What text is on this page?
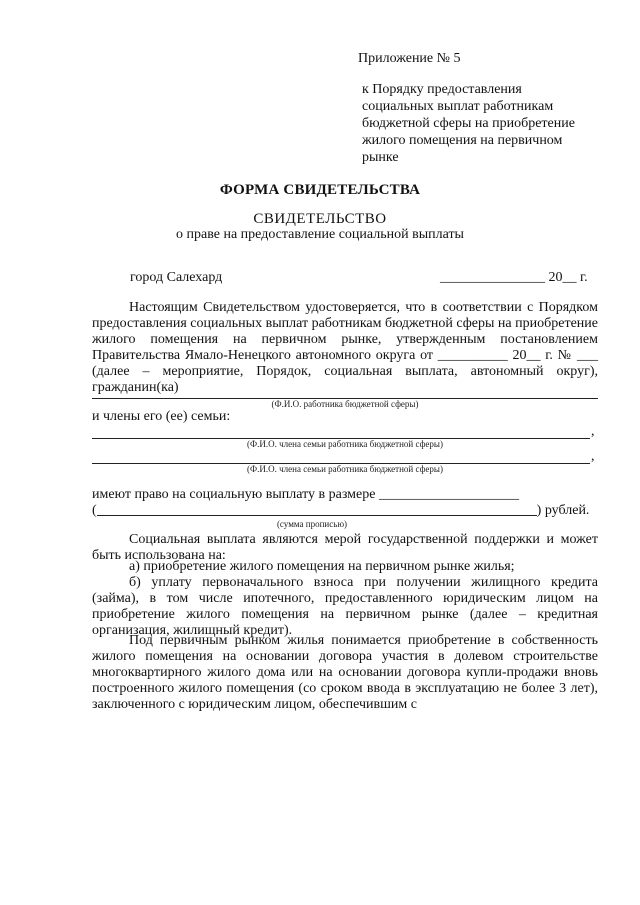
Приложение № 5
к Порядку предоставления
социальных выплат работникам
бюджетной сферы на приобретение
жилого помещения на первичном
рынке
ФОРМА СВИДЕТЕЛЬСТВА
СВИДЕТЕЛЬСТВО
о праве на предоставление социальной выплаты
город Салехард	_______________ 20__ г.
Настоящим Свидетельством удостоверяется, что в соответствии с Порядком предоставления социальных выплат работникам бюджетной сферы на приобретение жилого помещения на первичном рынке, утвержденным постановлением Правительства Ямало-Ненецкого автономного округа от __________ 20__ г. № ___ (далее – мероприятие, Порядок, социальная выплата, автономный округ), гражданин(ка)
(Ф.И.О. работника бюджетной сферы)
и члены его (ее) семьи:
,
(Ф.И.О. члена семьи работника бюджетной сферы)
,
(Ф.И.О. члена семьи работника бюджетной сферы)
имеют право на социальную выплату в размере ____________________
(	) рублей.
(сумма прописью)
Социальная выплата являются мерой государственной поддержки и может быть использована на:
а) приобретение жилого помещения на первичном рынке жилья;
б) уплату первоначального взноса при получении жилищного кредита (займа), в том числе ипотечного, предоставленного юридическим лицом на приобретение жилого помещения на первичном рынке (далее – кредитная организация, жилищный кредит).
Под первичным рынком жилья понимается приобретение в собственность жилого помещения на основании договора участия в долевом строительстве многоквартирного жилого дома или на основании договора купли-продажи вновь построенного жилого помещения (со сроком ввода в эксплуатацию не более 3 лет), заключенного с юридическим лицом, обеспечившим с
